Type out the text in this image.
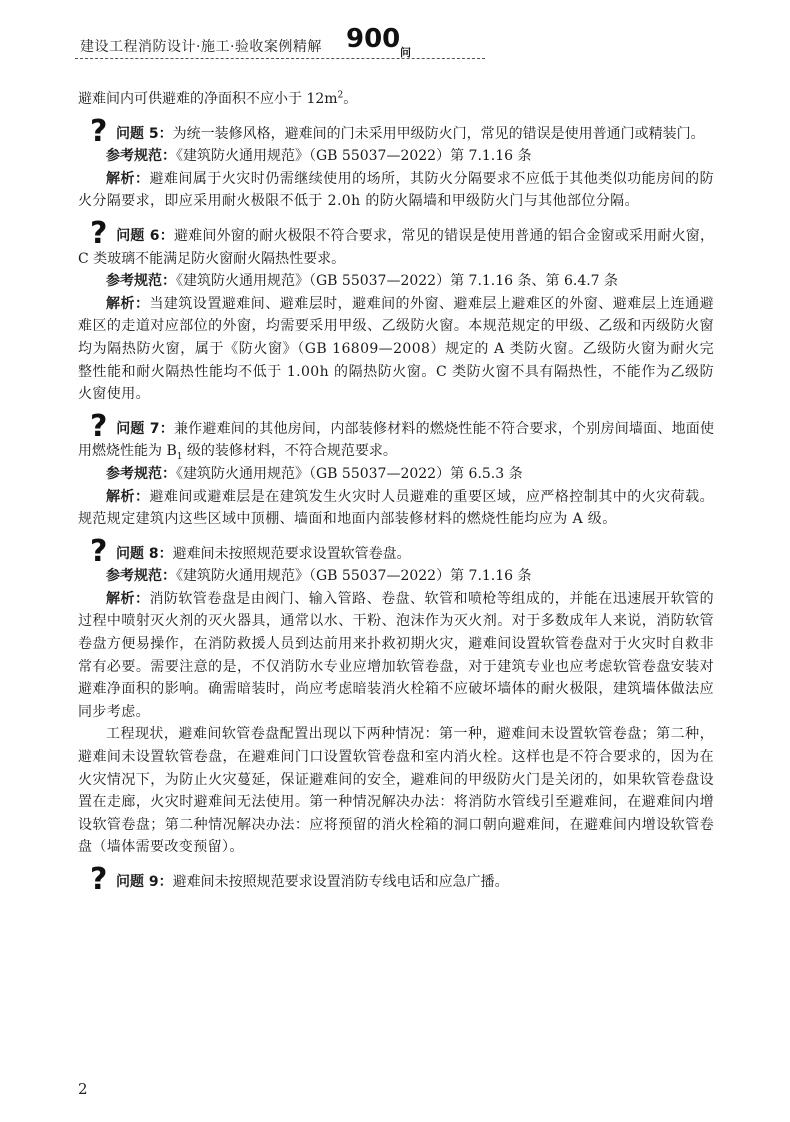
建设工程消防设计·施工·验收案例精解 900 问

避难间内可供避难的净面积不应小于 $12m^2$。

? 问题 5：为统一装修风格，避难间的门未采用甲级防火门，常见的错误是使用普通门或精装门。

参考规范：《建筑防火通用规范》（GB 55037—2022）第 7.1.16 条

解析：避难间属于火灾时仍需继续使用的场所，其防火分隔要求不应低于其他类似功能房间的防火分隔要求，即应采用耐火极限不低于 2.0h 的防火隔墙和甲级防火门与其他部位分隔。

? 问题 6：避难间外窗的耐火极限不符合要求，常见的错误是使用普通的铝合金窗或采用耐火窗，C 类玻璃不能满足防火窗耐火隔热性要求。

参考规范：《建筑防火通用规范》（GB 55037—2022）第 7.1.16 条、第 6.4.7 条

解析：当建筑设置避难间、避难层时，避难间的外窗、避难层上避难区的外窗、避难层上连通避难区的走道对应部位的外窗，均需要采用甲级、乙级防火窗。本规范规定的甲级、乙级和丙级防火窗均为隔热防火窗，属于《防火窗》（GB 16809—2008）规定的 A 类防火窗。乙级防火窗为耐火完整性能和耐火隔热性能均不低于 1.00h 的隔热防火窗。C 类防火窗不具有隔热性，不能作为乙级防火窗使用。

? 问题 7：兼作避难间的其他房间，内部装修材料的燃烧性能不符合要求，个别房间墙面、地面使用燃烧性能为 $B_1$ 级的装修材料，不符合规范要求。

参考规范：《建筑防火通用规范》（GB 55037—2022）第 6.5.3 条

解析：避难间或避难层是在建筑发生火灾时人员避难的重要区域，应严格控制其中的火灾荷载。规范规定建筑内这些区域中顶棚、墙面和地面内部装修材料的燃烧性能均应为 A 级。

? 问题 8：避难间未按照规范要求设置软管卷盘。

参考规范：《建筑防火通用规范》（GB 55037—2022）第 7.1.16 条

解析：消防软管卷盘是由阀门、输入管路、卷盘、软管和喷枪等组成的，并能在迅速展开软管的过程中喷射灭火剂的灭火器具，通常以水、干粉、泡沫作为灭火剂。对于多数成年人来说，消防软管卷盘方便易操作，在消防救援人员到达前用来扑救初期火灾，避难间设置软管卷盘对于火灾时自救非常有必要。需要注意的是，不仅消防水专业应增加软管卷盘，对于建筑专业也应考虑软管卷盘安装对避难净面积的影响。确需暗装时，尚应考虑暗装消火栓箱不应破坏墙体的耐火极限，建筑墙体做法应同步考虑。

工程现状，避难间软管卷盘配置出现以下两种情况：第一种，避难间未设置软管卷盘；第二种，避难间未设置软管卷盘，在避难间门口设置软管卷盘和室内消火栓。这样也是不符合要求的，因为在火灾情况下，为防止火灾蔓延，保证避难间的安全，避难间的甲级防火门是关闭的，如果软管卷盘设置在走廊，火灾时避难间无法使用。第一种情况解决办法：将消防水管线引至避难间，在避难间内增设软管卷盘；第二种情况解决办法：应将预留的消火栓箱的洞口朝向避难间，在避难间内增设软管卷盘（墙体需要改变预留）。

? 问题 9：避难间未按照规范要求设置消防专线电话和应急广播。

2
